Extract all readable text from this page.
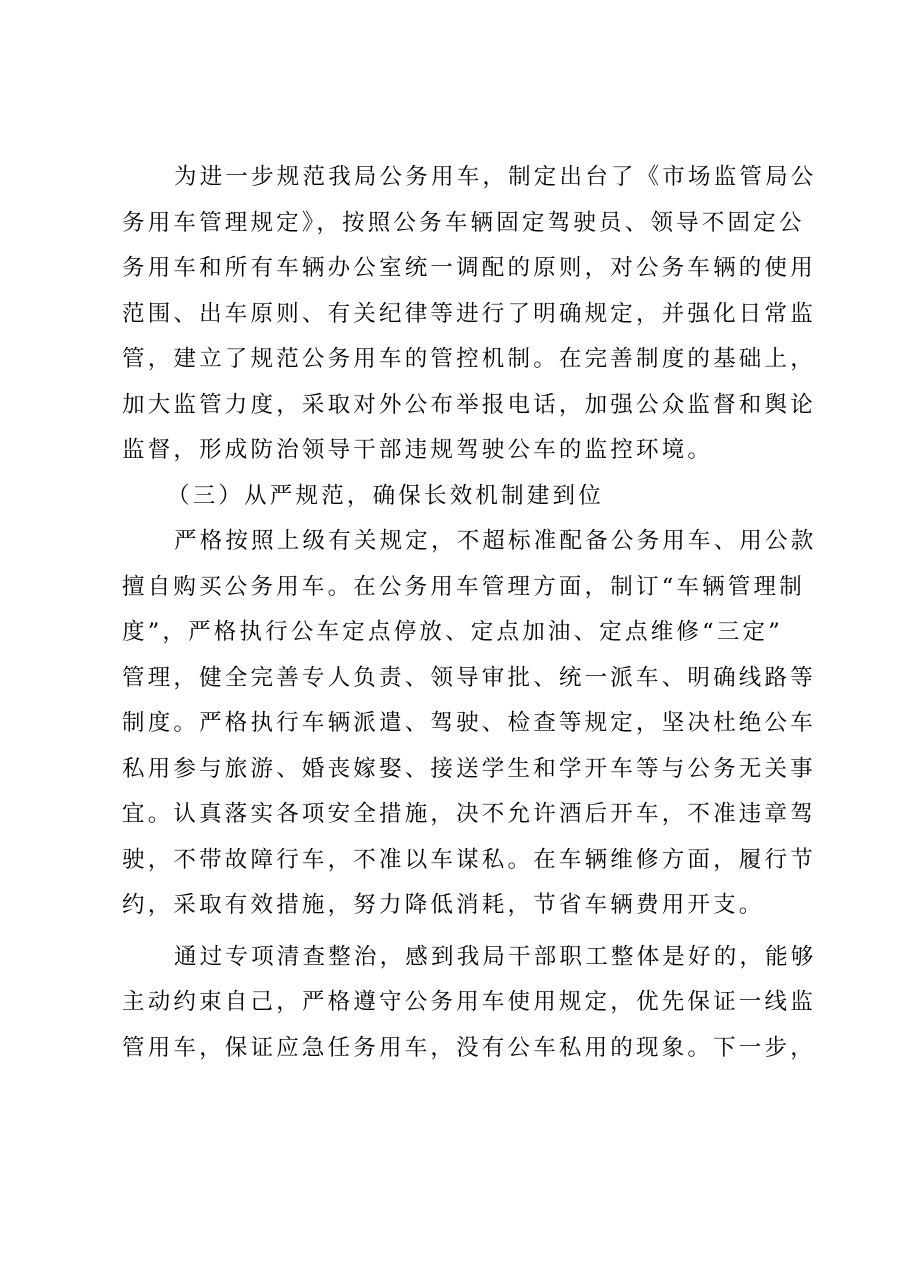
为进一步规范我局公务用车，制定出台了《市场监管局公
务用车管理规定》，按照公务车辆固定驾驶员、领导不固定公
务用车和所有车辆办公室统一调配的原则，对公务车辆的使用
范围、出车原则、有关纪律等进行了明确规定，并强化日常监
管，建立了规范公务用车的管控机制。在完善制度的基础上，
加大监管力度，采取对外公布举报电话，加强公众监督和舆论
监督，形成防治领导干部违规驾驶公车的监控环境。
（三）从严规范，确保长效机制建到位
严格按照上级有关规定，不超标准配备公务用车、用公款
擅自购买公务用车。在公务用车管理方面，制订“车辆管理制
度”，严格执行公车定点停放、定点加油、定点维修“三定”
管理，健全完善专人负责、领导审批、统一派车、明确线路等
制度。严格执行车辆派遣、驾驶、检查等规定，坚决杜绝公车
私用参与旅游、婚丧嫁娶、接送学生和学开车等与公务无关事
宜。认真落实各项安全措施，决不允许酒后开车，不准违章驾
驶，不带故障行车，不准以车谋私。在车辆维修方面，履行节
约，采取有效措施，努力降低消耗，节省车辆费用开支。
通过专项清查整治，感到我局干部职工整体是好的，能够
主动约束自己，严格遵守公务用车使用规定，优先保证一线监
管用车，保证应急任务用车，没有公车私用的现象。下一步，
